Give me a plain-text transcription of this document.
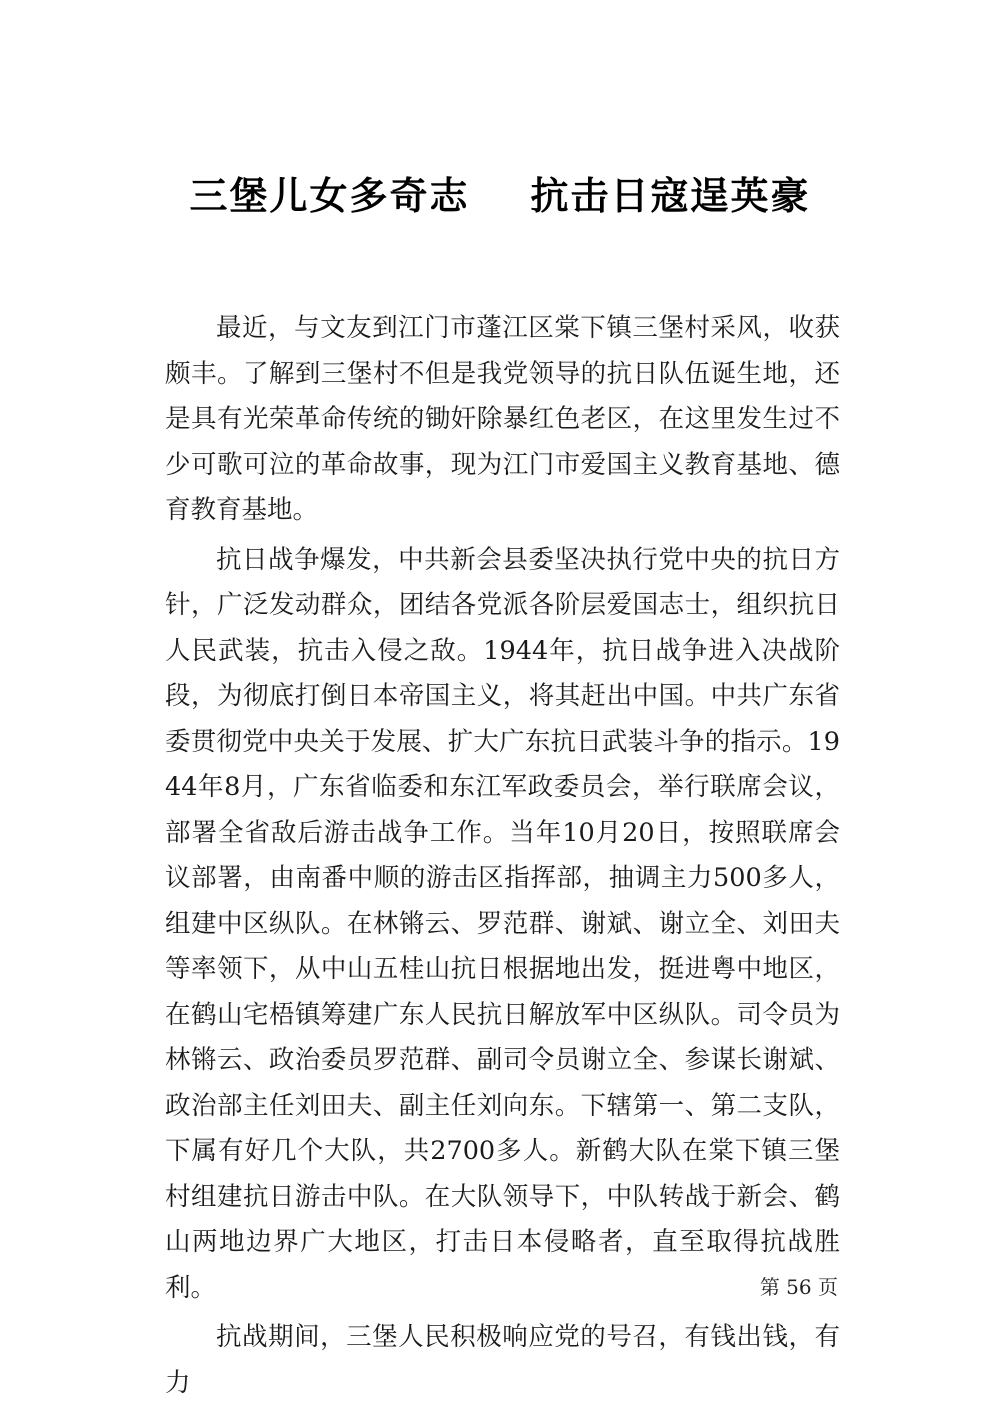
三堡儿女多奇志    抗击日寇逞英豪

最近，与文友到江门市蓬江区棠下镇三堡村采风，收获颇丰。了解到三堡村不但是我党领导的抗日队伍诞生地，还是具有光荣革命传统的锄奸除暴红色老区，在这里发生过不少可歌可泣的革命故事，现为江门市爱国主义教育基地、德育教育基地。

抗日战争爆发，中共新会县委坚决执行党中央的抗日方针，广泛发动群众，团结各党派各阶层爱国志士，组织抗日人民武装，抗击入侵之敌。1944年，抗日战争进入决战阶段，为彻底打倒日本帝国主义，将其赶出中国。中共广东省委贯彻党中央关于发展、扩大广东抗日武装斗争的指示。1944年8月，广东省临委和东江军政委员会，举行联席会议，部署全省敌后游击战争工作。当年10月20日，按照联席会议部署，由南番中顺的游击区指挥部，抽调主力500多人，组建中区纵队。在林锵云、罗范群、谢斌、谢立全、刘田夫等率领下，从中山五桂山抗日根据地出发，挺进粤中地区，在鹤山宅梧镇筹建广东人民抗日解放军中区纵队。司令员为林锵云、政治委员罗范群、副司令员谢立全、参谋长谢斌、政治部主任刘田夫、副主任刘向东。下辖第一、第二支队，下属有好几个大队，共2700多人。新鹤大队在棠下镇三堡村组建抗日游击中队。在大队领导下，中队转战于新会、鹤山两地边界广大地区，打击日本侵略者，直至取得抗战胜利。

抗战期间，三堡人民积极响应党的号召，有钱出钱，有力

第 56 页
